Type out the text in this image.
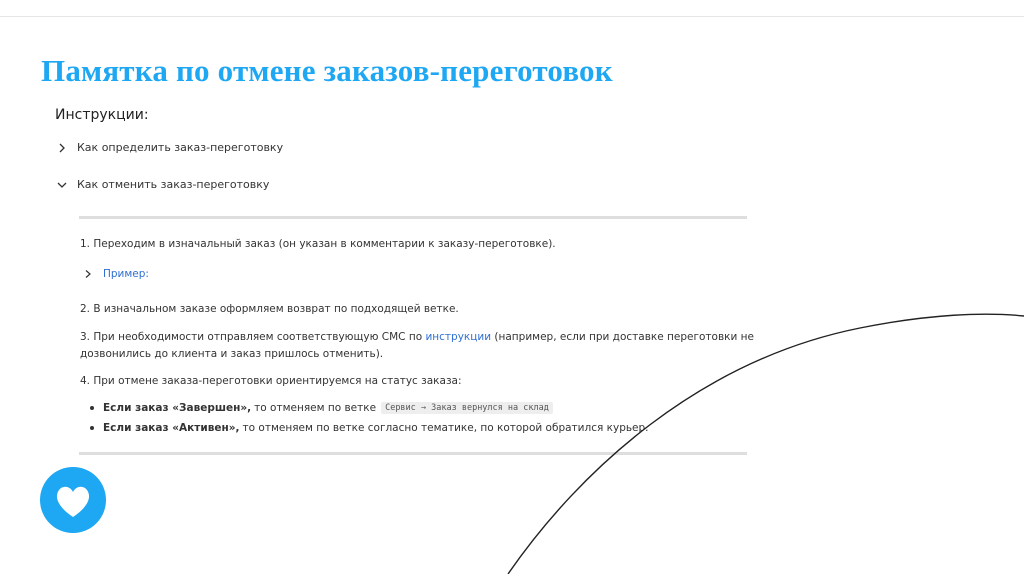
Памятка по отмене заказов-переготовок
Инструкции:
Как определить заказ-переготовку
Как отменить заказ-переготовку
1. Переходим в изначальный заказ (он указан в комментарии к заказу-переготовке).
Пример:
2. В изначальном заказе оформляем возврат по подходящей ветке.
3. При необходимости отправляем соответствующую СМС по инструкции (например, если при доставке переготовки не
дозвонились до клиента и заказ пришлось отменить).
4. При отмене заказа-переготовки ориентируемся на статус заказа:
Если заказ «Завершен», то отменяем по ветке	Сервис → Заказ вернулся на склад
Если заказ «Активен», то отменяем по ветке согласно тематике, по которой обратился курьер.
